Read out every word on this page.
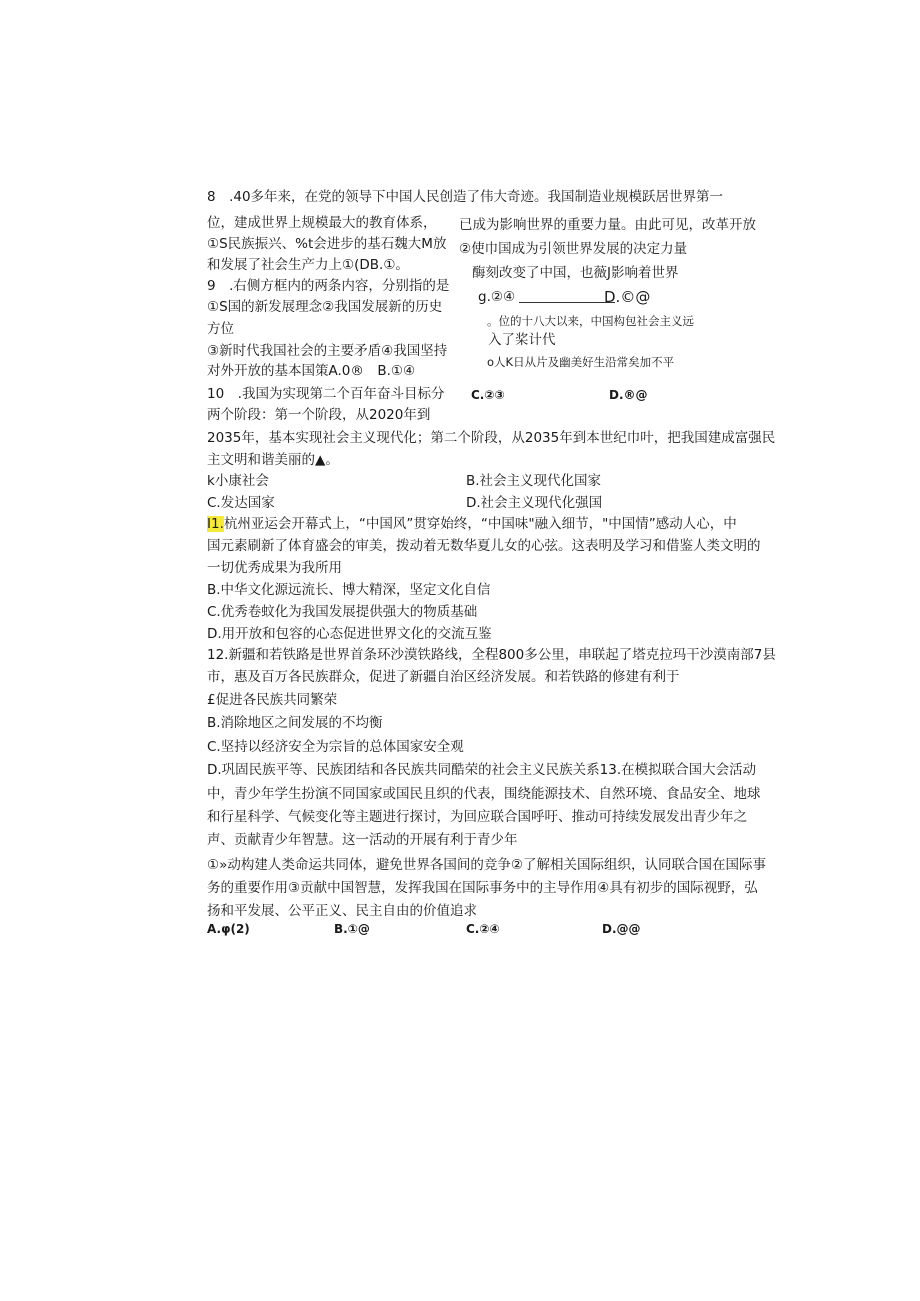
8　.40多年来，在党的领导下中国人民创造了伟大奇迹。我国制造业规模跃居世界第一
位，建成世界上规模最大的教育体系， 已成为影响世界的重要力量。由此可见，改革开放
①S民族振兴、%t会进步的基石魏大M放 ②使巾国成为引领世界发展的决定力量
和发展了社会生产力上①(DB.①。	酶刻改变了中国，也薇J影响着世界
9　.右侧方框内的两条内容，分别指的是
g.②④	D.©@
①S国的新发展理念②我国发展新的历史
。位的十八大以来，中国构包社会主义远
方位
入了桨计代
③新时代我国社会的主要矛盾④我国坚持
o人K日从片及幽美好生沿常矣加不平
对外开放的基本国策A.0®　B.①④
10　.我国为实现第二个百年奋斗目标分 C.②③	D.®@
两个阶段：第一个阶段，从2020年到
2035年，基本实现社会主义现代化；第二个阶段，从2035年到本世纪巾叶，把我国建成富强民
主文明和谐美丽的▲。
k小康社会	B.社会主义现代化国家
C.发达国家	D.社会主义现代化强国
I1.杭州亚运会开幕式上，“中国风”贯穿始终，“中国味"融入细节，"中国情”感动人心，中
国元素刷新了体育盛会的审美，拨动着无数华夏儿女的心弦。这表明及学习和借鉴人类文明的
一切优秀成果为我所用
B.中华文化源远流长、博大精深，坚定文化自信
C.优秀卷蚊化为我国发展提供强大的物质基础
D.用开放和包容的心态促进世界文化的交流互鉴
12.新疆和若铁路是世界首条环沙漠铁路线，全程800多公里，串联起了塔克拉玛干沙漠南部7县
市，惠及百万各民族群众，促进了新疆自治区经济发展。和若铁路的修建有利于
£促进各民族共同繁荣
B.消除地区之间发展的不均衡
C.坚持以经济安全为宗旨的总体国家安全观
D.巩固民族平等、民族团结和各民族共同酷荣的社会主义民族关系13.在模拟联合国大会活动
中，青少年学生扮演不同国家或国民且织的代表，围绕能源技术、自然环境、食品安全、地球
和行星科学、气候变化等主题进行探讨，为回应联合国呼吁、推动可持续发展发出青少年之
声、贡献青少年智慧。这一活动的开展有利于青少年
①»动构建人类命运共同体，避免世界各国间的竞争②了解相关国际组织，认同联合国在国际事
务的重要作用③贡献中国智慧，发挥我国在国际事务中的主导作用④具有初步的国际视野，弘
扬和平发展、公平正义、民主自由的价值追求
A.φ(2)	B.①@	C.②④	D.@@
